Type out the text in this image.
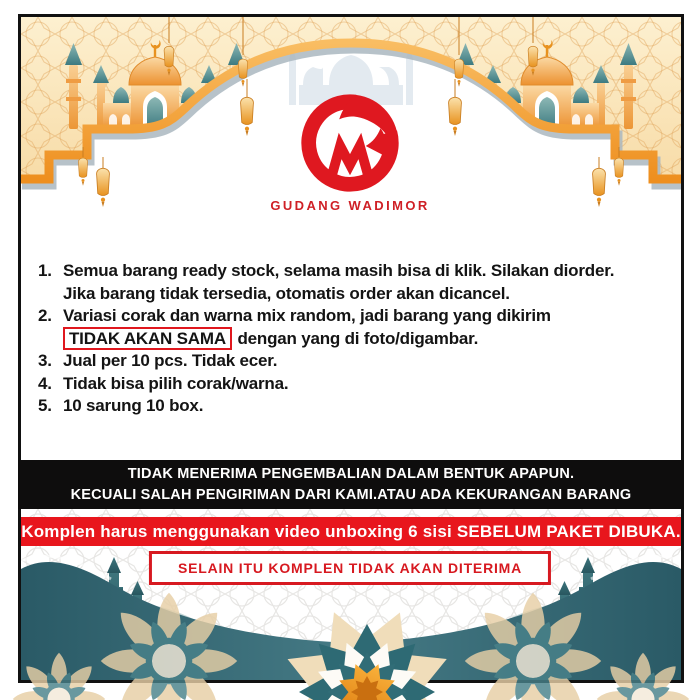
GUDANG WADIMOR
1. Semua barang ready stock, selama masih bisa di klik. Silakan diorder.
Jika barang tidak tersedia, otomatis order akan dicancel.
2. Variasi corak dan warna mix random, jadi barang yang dikirim
TIDAK AKAN SAMA dengan yang di foto/digambar.
3. Jual per 10 pcs. Tidak ecer.
4. Tidak bisa pilih corak/warna.
5. 10 sarung 10 box.
TIDAK MENERIMA PENGEMBALIAN DALAM BENTUK APAPUN.
KECUALI SALAH PENGIRIMAN DARI KAMI.ATAU ADA KEKURANGAN BARANG
Komplen harus menggunakan video unboxing 6 sisi SEBELUM PAKET DIBUKA.
SELAIN ITU KOMPLEN TIDAK AKAN DITERIMA
